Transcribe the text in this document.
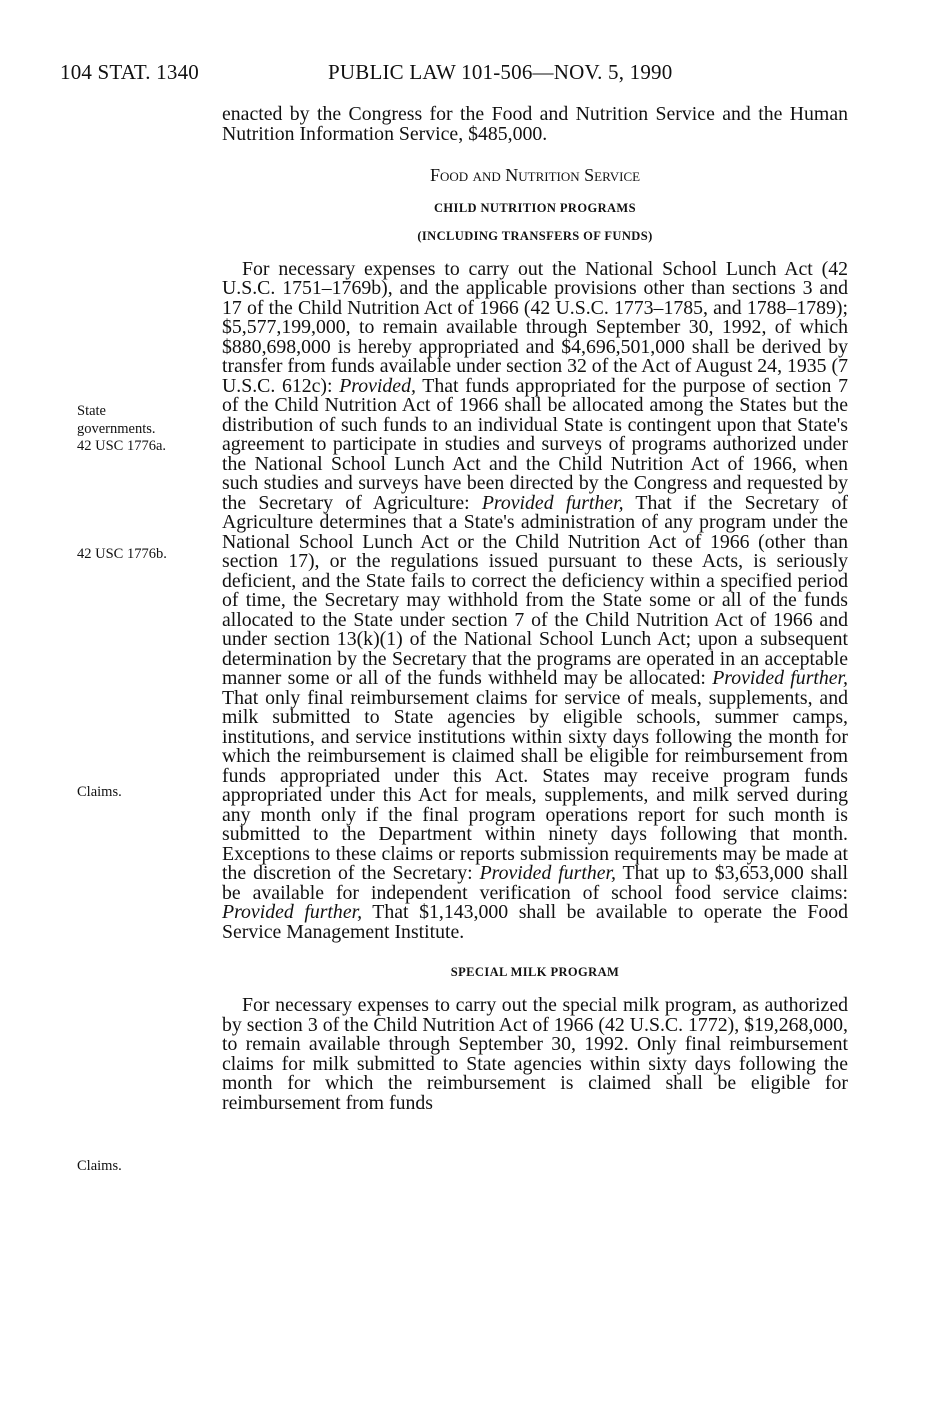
104 STAT. 1340	PUBLIC LAW 101-506—NOV. 5, 1990
State
governments.
42 USC 1776a.
42 USC 1776b.
Claims.
Claims.

enacted by the Congress for the Food and Nutrition Service and the Human Nutrition Information Service, $485,000.

Food and Nutrition Service

CHILD NUTRITION PROGRAMS

(INCLUDING TRANSFERS OF FUNDS)

For necessary expenses to carry out the National School Lunch Act (42 U.S.C. 1751–1769b), and the applicable provisions other than sections 3 and 17 of the Child Nutrition Act of 1966 (42 U.S.C. 1773–1785, and 1788–1789); $5,577,199,000, to remain available through September 30, 1992, of which $880,698,000 is hereby appropriated and $4,696,501,000 shall be derived by transfer from funds available under section 32 of the Act of August 24, 1935 (7 U.S.C. 612c): Provided, That funds appropriated for the purpose of section 7 of the Child Nutrition Act of 1966 shall be allocated among the States but the distribution of such funds to an individual State is contingent upon that State's agreement to participate in studies and surveys of programs authorized under the National School Lunch Act and the Child Nutrition Act of 1966, when such studies and surveys have been directed by the Congress and requested by the Secretary of Agriculture: Provided further, That if the Secretary of Agriculture determines that a State's administration of any program under the National School Lunch Act or the Child Nutrition Act of 1966 (other than section 17), or the regulations issued pursuant to these Acts, is seriously deficient, and the State fails to correct the deficiency within a specified period of time, the Secretary may withhold from the State some or all of the funds allocated to the State under section 7 of the Child Nutrition Act of 1966 and under section 13(k)(1) of the National School Lunch Act; upon a subsequent determination by the Secretary that the programs are operated in an acceptable manner some or all of the funds withheld may be allocated: Provided further, That only final reimbursement claims for service of meals, supplements, and milk submitted to State agencies by eligible schools, summer camps, institutions, and service institutions within sixty days following the month for which the reimbursement is claimed shall be eligible for reimbursement from funds appropriated under this Act. States may receive program funds appropriated under this Act for meals, supplements, and milk served during any month only if the final program operations report for such month is submitted to the Department within ninety days following that month. Exceptions to these claims or reports submission requirements may be made at the discretion of the Secretary: Provided further, That up to $3,653,000 shall be available for independent verification of school food service claims: Provided further, That $1,143,000 shall be available to operate the Food Service Management Institute.

SPECIAL MILK PROGRAM

For necessary expenses to carry out the special milk program, as authorized by section 3 of the Child Nutrition Act of 1966 (42 U.S.C. 1772), $19,268,000, to remain available through September 30, 1992. Only final reimbursement claims for milk submitted to State agencies within sixty days following the month for which the reimbursement is claimed shall be eligible for reimbursement from funds
